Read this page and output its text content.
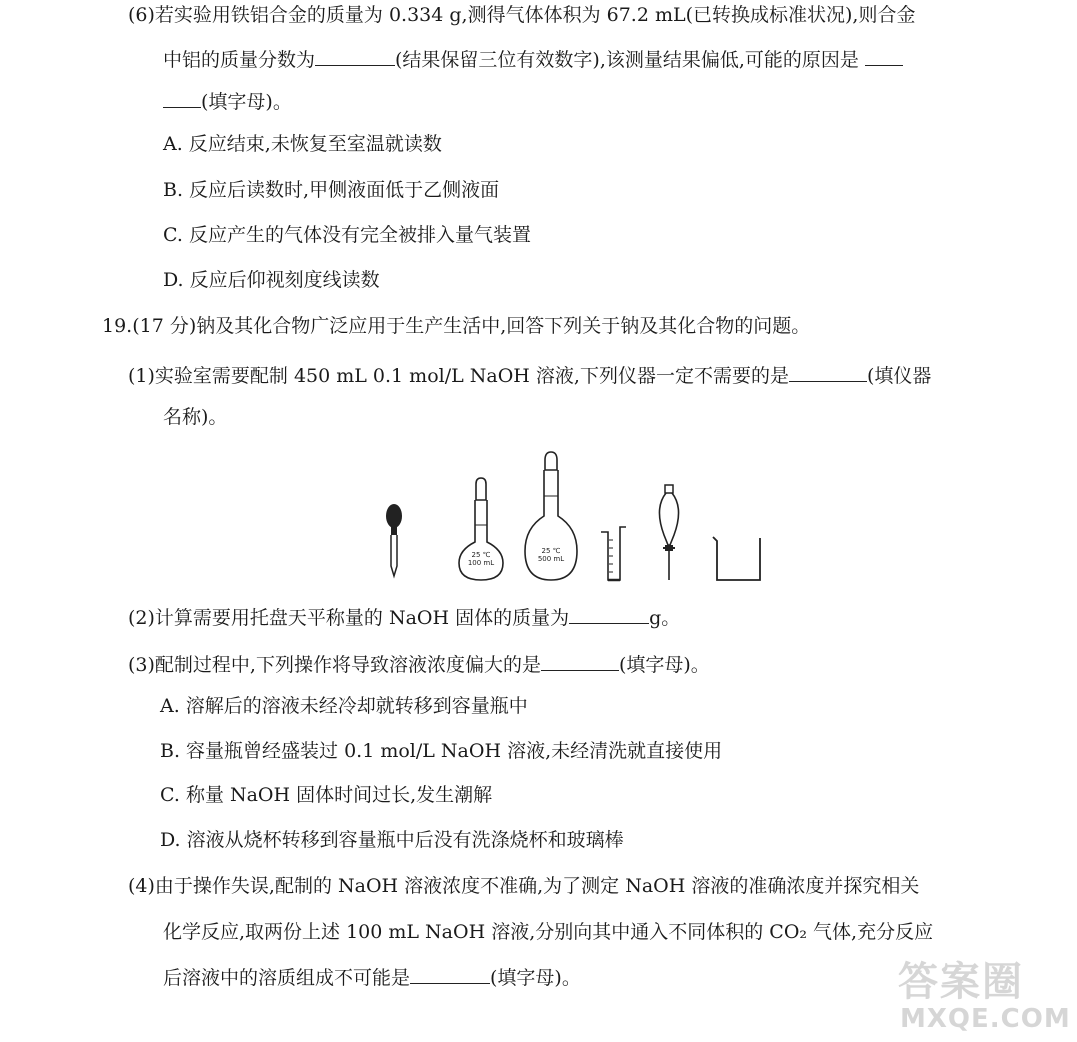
(6)若实验用铁铝合金的质量为 0.334 g,测得气体体积为 67.2 mL(已转换成标准状况),则合金
中铝的质量分数为	(结果保留三位有效数字),该测量结果偏低,可能的原因是
(填字母)。
A. 反应结束,未恢复至室温就读数
B. 反应后读数时,甲侧液面低于乙侧液面
C. 反应产生的气体没有完全被排入量气装置
D. 反应后仰视刻度线读数
19.(17 分)钠及其化合物广泛应用于生产生活中,回答下列关于钠及其化合物的问题。
(1)实验室需要配制 450 mL 0.1 mol/L NaOH 溶液,下列仪器一定不需要的是	(填仪器
名称)。
25 ℃
100 mL
25 ℃
500 mL
(2)计算需要用托盘天平称量的 NaOH 固体的质量为	g。
(3)配制过程中,下列操作将导致溶液浓度偏大的是	(填字母)。
A. 溶解后的溶液未经冷却就转移到容量瓶中
B. 容量瓶曾经盛装过 0.1 mol/L NaOH 溶液,未经清洗就直接使用
C. 称量 NaOH 固体时间过长,发生潮解
D. 溶液从烧杯转移到容量瓶中后没有洗涤烧杯和玻璃棒
(4)由于操作失误,配制的 NaOH 溶液浓度不准确,为了测定 NaOH 溶液的准确浓度并探究相关
化学反应,取两份上述 100 mL NaOH 溶液,分别向其中通入不同体积的 CO₂ 气体,充分反应
后溶液中的溶质组成不可能是	(填字母)。	答案圈
MXQE.COM
